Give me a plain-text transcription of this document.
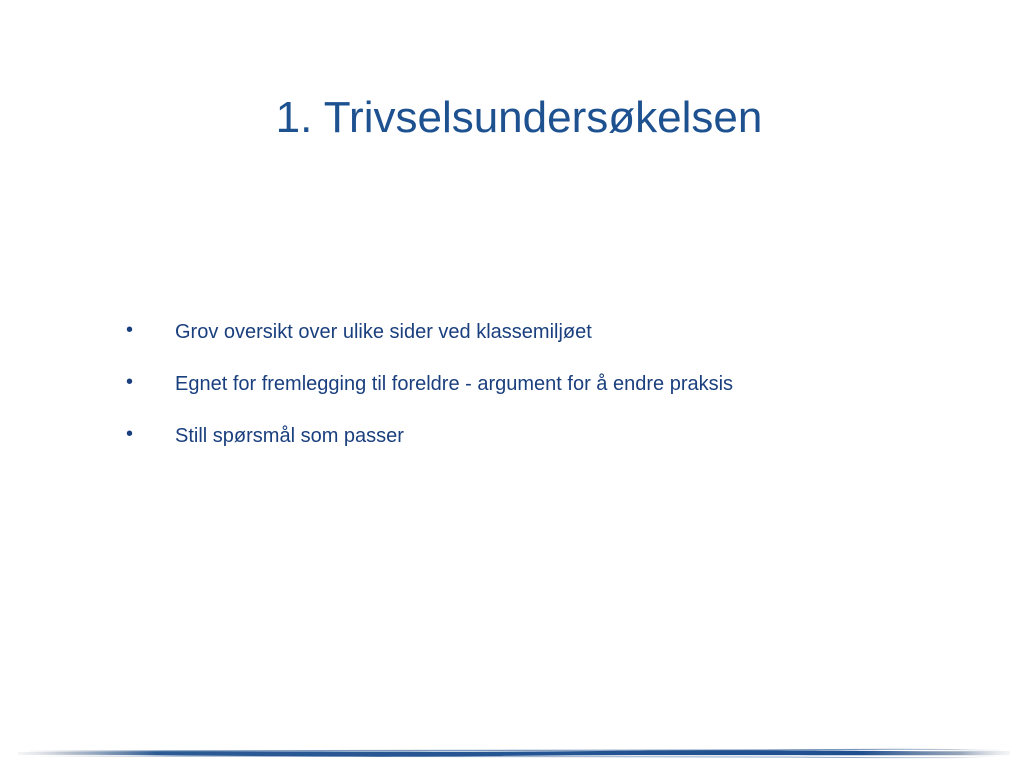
1. Trivselsundersøkelsen
•	Grov oversikt over ulike sider ved klassemiljøet
•	Egnet for fremlegging til foreldre - argument for å endre praksis
•	Still spørsmål som passer
